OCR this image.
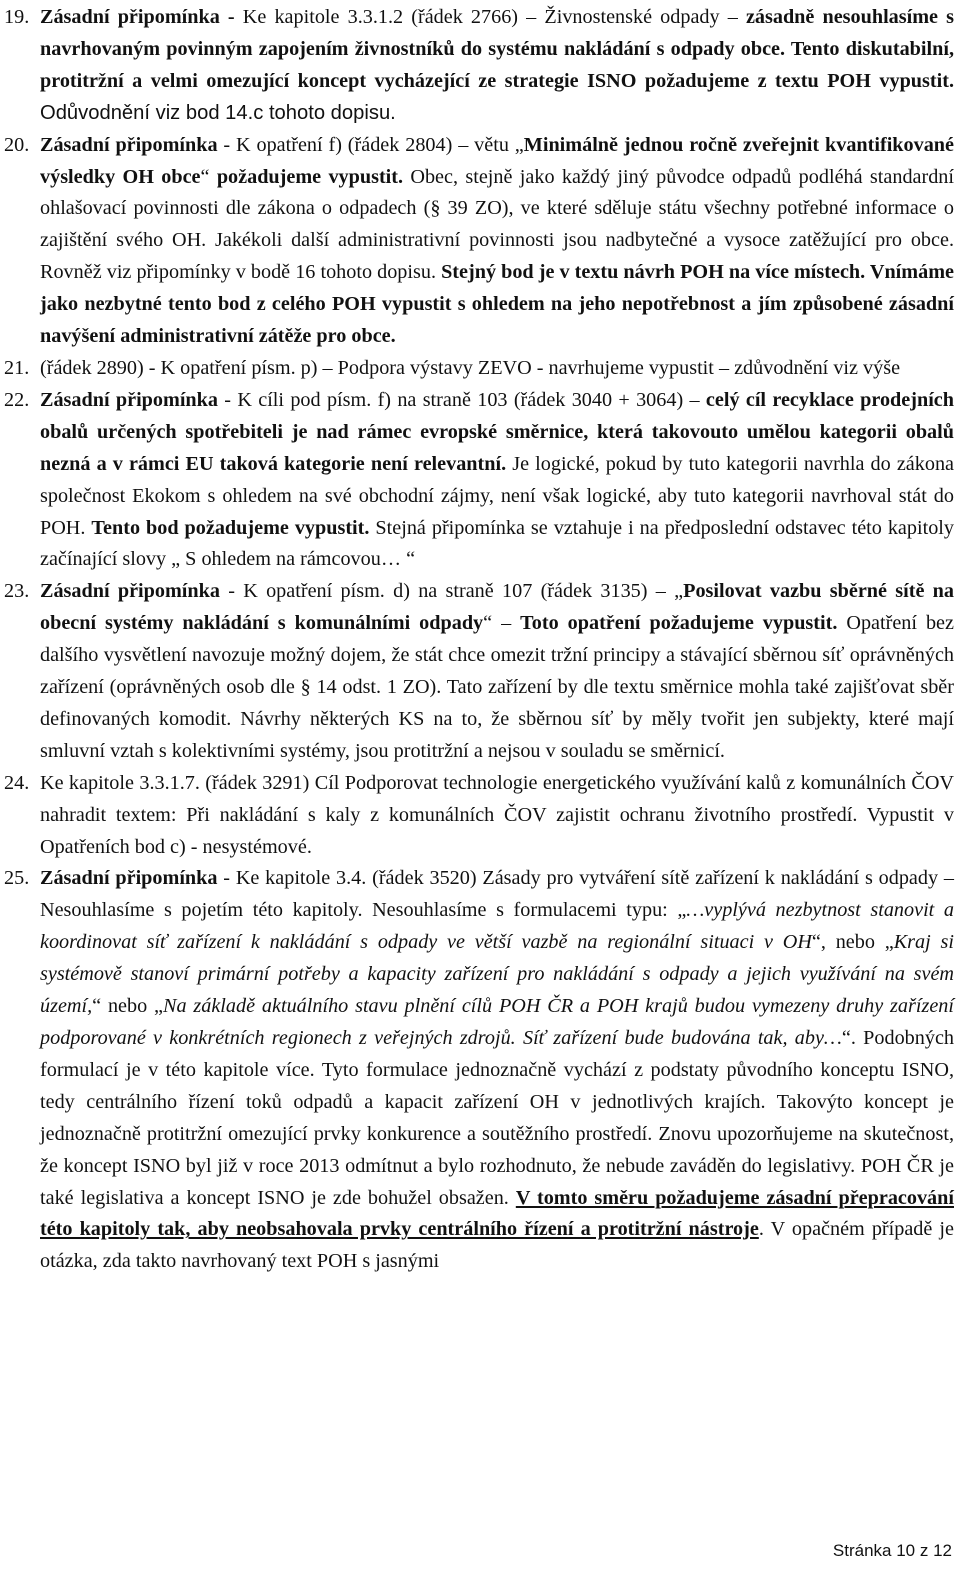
19. Zásadní připomínka - Ke kapitole 3.3.1.2 (řádek 2766) – Živnostenské odpady – zásadně nesouhlasíme s navrhovaným povinným zapojením živnostníků do systému nakládání s odpady obce. Tento diskutabilní, protitržní a velmi omezující koncept vycházející ze strategie ISNO požadujeme z textu POH vypustit. Odůvodnění viz bod 14.c tohoto dopisu.
20. Zásadní připomínka - K opatření f) (řádek 2804) – větu „Minimálně jednou ročně zveřejnit kvantifikované výsledky OH obce“ požadujeme vypustit. Obec, stejně jako každý jiný původce odpadů podléhá standardní ohlašovací povinnosti dle zákona o odpadech (§ 39 ZO), ve které sděluje státu všechny potřebné informace o zajištění svého OH. Jakékoli další administrativní povinnosti jsou nadbytečné a vysoce zatěžující pro obce. Rovněž viz připomínky v bodě 16 tohoto dopisu. Stejný bod je v textu návrh POH na více místech. Vnímáme jako nezbytné tento bod z celého POH vypustit s ohledem na jeho nepotřebnost a jím způsobené zásadní navýšení administrativní zátěže pro obce.
21. (řádek 2890) - K opatření písm. p) – Podpora výstavy ZEVO - navrhujeme vypustit – zdůvodnění viz výše
22. Zásadní připomínka - K cíli pod písm. f) na straně 103 (řádek 3040 + 3064) – celý cíl recyklace prodejních obalů určených spotřebiteli je nad rámec evropské směrnice, která takovouto umělou kategorii obalů nezná a v rámci EU taková kategorie není relevantní. Je logické, pokud by tuto kategorii navrhla do zákona společnost Ekokom s ohledem na své obchodní zájmy, není však logické, aby tuto kategorii navrhoval stát do POH. Tento bod požadujeme vypustit. Stejná připomínka se vztahuje i na předposlední odstavec této kapitoly začínající slovy „ S ohledem na rámcovou… “
23. Zásadní připomínka - K opatření písm. d) na straně 107 (řádek 3135) – „Posilovat vazbu sběrné sítě na obecní systémy nakládání s komunálními odpady“ – Toto opatření požadujeme vypustit. Opatření bez dalšího vysvětlení navozuje možný dojem, že stát chce omezit tržní principy a stávající sběrnou síť oprávněných zařízení (oprávněných osob dle § 14 odst. 1 ZO). Tato zařízení by dle textu směrnice mohla také zajišťovat sběr definovaných komodit. Návrhy některých KS na to, že sběrnou síť by měly tvořit jen subjekty, které mají smluvní vztah s kolektivními systémy, jsou protitržní a nejsou v souladu se směrnicí.
24. Ke kapitole 3.3.1.7. (řádek 3291) Cíl Podporovat technologie energetického využívání kalů z komunálních ČOV nahradit textem: Při nakládání s kaly z komunálních ČOV zajistit ochranu životního prostředí. Vypustit v Opatřeních bod c) - nesystémové.
25. Zásadní připomínka - Ke kapitole 3.4. (řádek 3520) Zásady pro vytváření sítě zařízení k nakládání s odpady – Nesouhlasíme s pojetím této kapitoly. Nesouhlasíme s formulacemi typu: „…vyplývá nezbytnost stanovit a koordinovat síť zařízení k nakládání s odpady ve větší vazbě na regionální situaci v OH“, nebo „Kraj si systémově stanoví primární potřeby a kapacity zařízení pro nakládání s odpady a jejich využívání na svém území,“ nebo „Na základě aktuálního stavu plnění cílů POH ČR a POH krajů budou vymezeny druhy zařízení podporované v konkrétních regionech z veřejných zdrojů. Síť zařízení bude budována tak, aby…“. Podobných formulací je v této kapitole více. Tyto formulace jednoznačně vychází z podstaty původního konceptu ISNO, tedy centrálního řízení toků odpadů a kapacit zařízení OH v jednotlivých krajích. Takovýto koncept je jednoznačně protitržní omezující prvky konkurence a soutěžního prostředí. Znovu upozorňujeme na skutečnost, že koncept ISNO byl již v roce 2013 odmítnut a bylo rozhodnuto, že nebude zaváděn do legislativy. POH ČR je také legislativa a koncept ISNO je zde bohužel obsažen. V tomto směru požadujeme zásadní přepracování této kapitoly tak, aby neobsahovala prvky centrálního řízení a protitržní nástroje. V opačném případě je otázka, zda takto navrhovaný text POH s jasnými
Stránka 10 z 12
